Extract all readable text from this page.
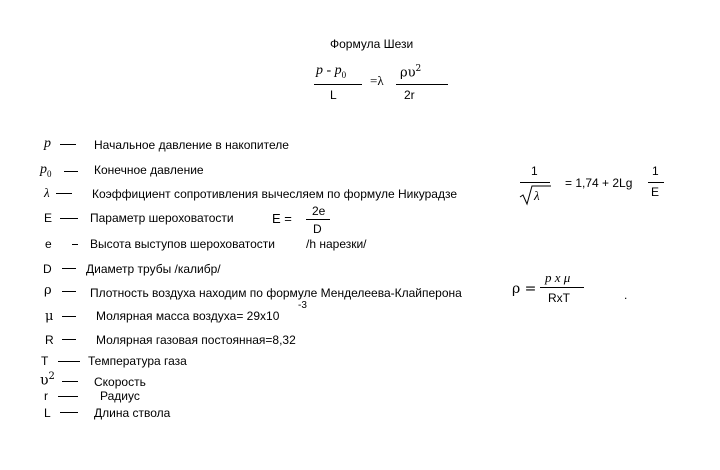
Формула Шези
p - $p_0$
L
=λ
$\rho\upsilon^2$
2r
p	Начальное давление в накопителе
$p_0$	Конечное давление
λ	Коэффициент сопротивления вычесляем по формуле Никурадзе
E	Параметр шероховатости
e	Высота выступов шероховатости
D	Диаметр трубы /калибр/
ρ	Плотность воздуха находим по формуле Менделеева-Клайперона
μ	Молярная масса воздуха= 29x10
-3
R	Молярная газовая постоянная=8,32
T	Температура газа
$\upsilon^2$	Скорость
r	Радиус
L	Длина ствола
1
λ
= 1,74 + 2Lg
1
E
E = 2e
D
/h нарезки/
ρ =
p x μ
RxT	.
